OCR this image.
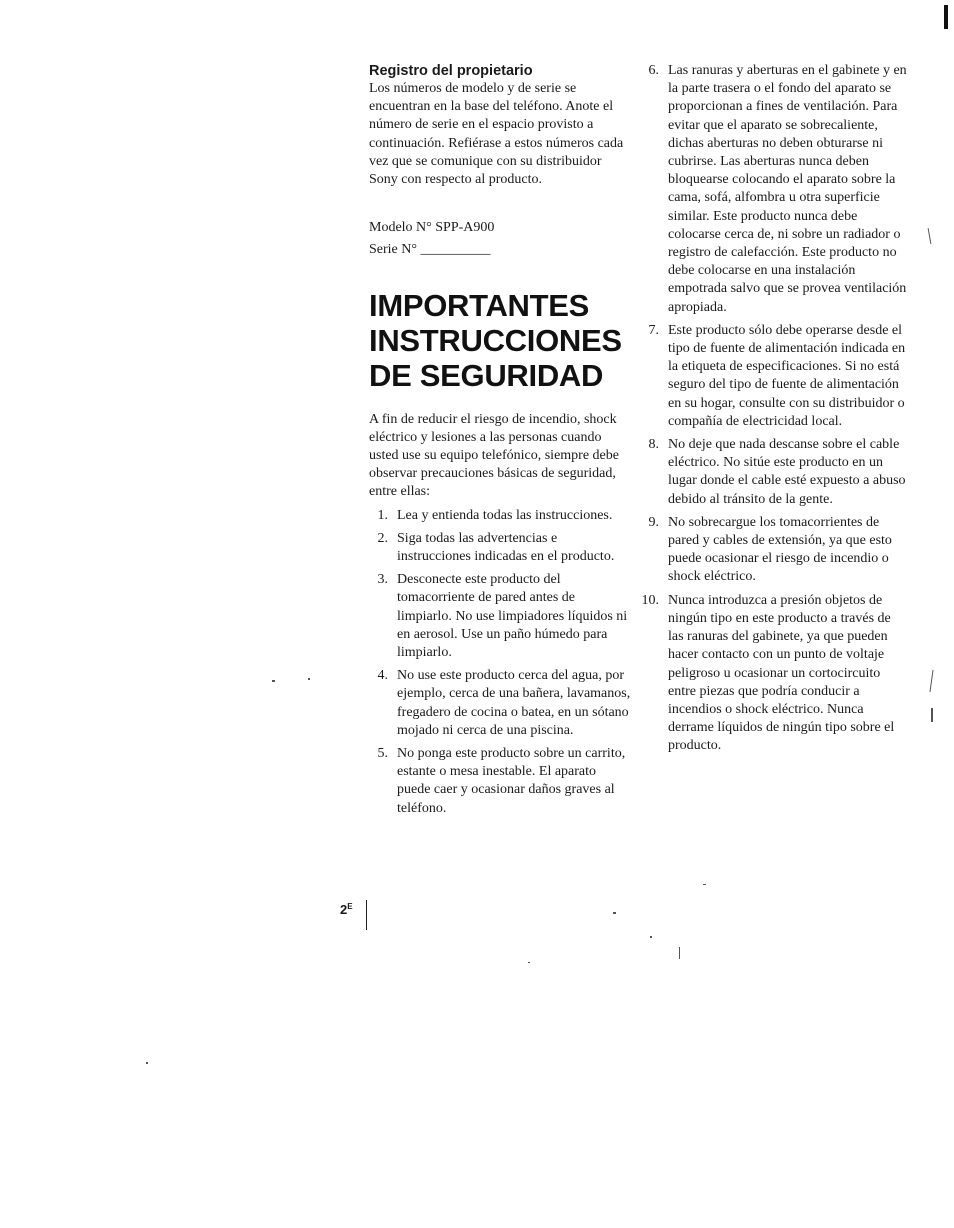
Registro del propietario

Los números de modelo y de serie se encuentran en la base del teléfono. Anote el número de serie en el espacio provisto a continuación. Refiérase a estos números cada vez que se comunique con su distribuidor Sony con respecto al producto.

Modelo N° SPP-A900

Serie N° __________

IMPORTANTES
INSTRUCCIONES
DE SEGURIDAD

A fin de reducir el riesgo de incendio, shock eléctrico y lesiones a las personas cuando usted use su equipo telefónico, siempre debe observar precauciones básicas de seguridad, entre ellas:

1. Lea y entienda todas las instrucciones.
2. Siga todas las advertencias e instrucciones indicadas en el producto.
3. Desconecte este producto del tomacorriente de pared antes de limpiarlo. No use limpiadores líquidos ni en aerosol. Use un paño húmedo para limpiarlo.
4. No use este producto cerca del agua, por ejemplo, cerca de una bañera, lavamanos, fregadero de cocina o batea, en un sótano mojado ni cerca de una piscina.
5. No ponga este producto sobre un carrito, estante o mesa inestable. El aparato puede caer y ocasionar daños graves al teléfono.
6. Las ranuras y aberturas en el gabinete y en la parte trasera o el fondo del aparato se proporcionan a fines de ventilación. Para evitar que el aparato se sobrecaliente, dichas aberturas no deben obturarse ni cubrirse. Las aberturas nunca deben bloquearse colocando el aparato sobre la cama, sofá, alfombra u otra superficie similar. Este producto nunca debe colocarse cerca de, ni sobre un radiador o registro de calefacción. Este producto no debe colocarse en una instalación empotrada salvo que se provea ventilación apropiada.
7. Este producto sólo debe operarse desde el tipo de fuente de alimentación indicada en la etiqueta de especificaciones. Si no está seguro del tipo de fuente de alimentación en su hogar, consulte con su distribuidor o compañía de electricidad local.
8. No deje que nada descanse sobre el cable eléctrico. No sitúe este producto en un lugar donde el cable esté expuesto a abuso debido al tránsito de la gente.
9. No sobrecargue los tomacorrientes de pared y cables de extensión, ya que esto puede ocasionar el riesgo de incendio o shock eléctrico.
10. Nunca introduzca a presión objetos de ningún tipo en este producto a través de las ranuras del gabinete, ya que pueden hacer contacto con un punto de voltaje peligroso u ocasionar un cortocircuito entre piezas que podría conducir a incendios o shock eléctrico. Nunca derrame líquidos de ningún tipo sobre el producto.
$2^E$
